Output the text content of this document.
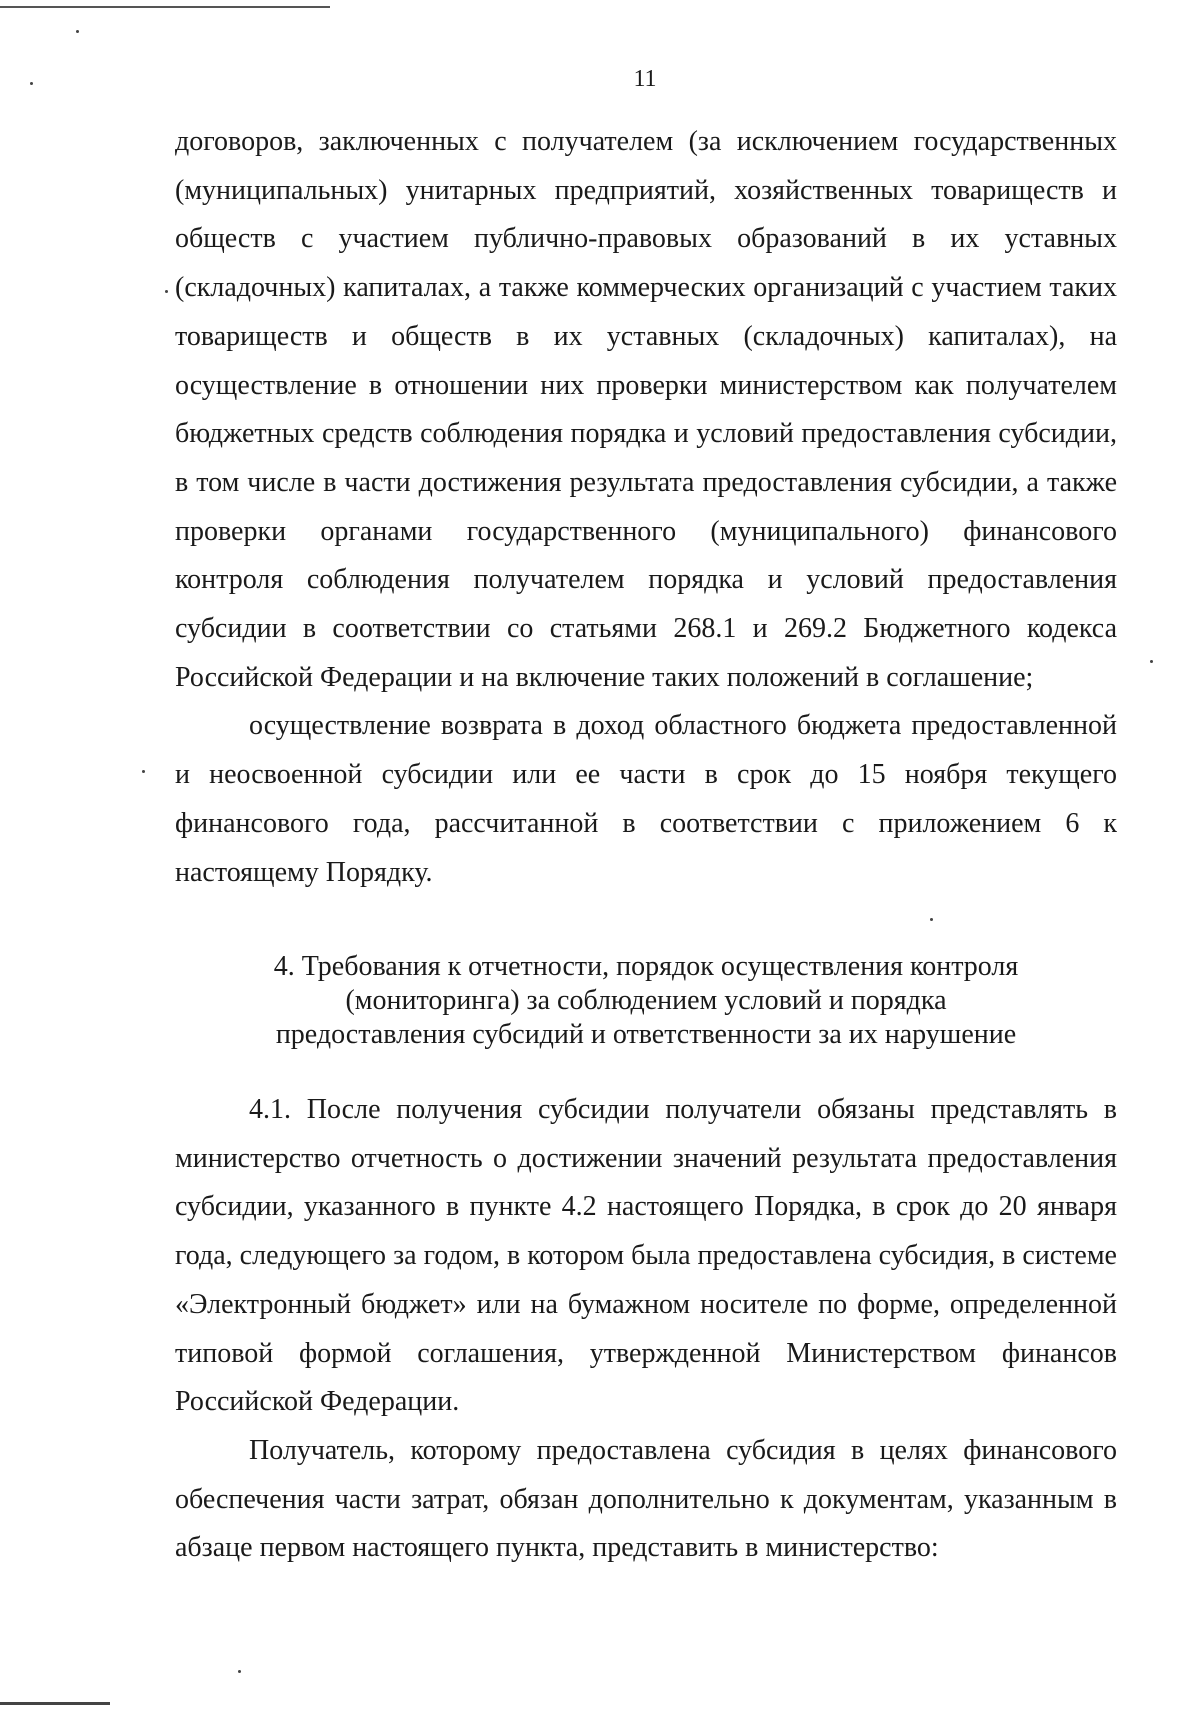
11

договоров, заключенных с получателем (за исключением государственных (муниципальных) унитарных предприятий, хозяйственных товариществ и обществ с участием публично-правовых образований в их уставных (складочных) капиталах, а также коммерческих организаций с участием таких товариществ и обществ в их уставных (складочных) капиталах), на осуществление в отношении них проверки министерством как получателем бюджетных средств соблюдения порядка и условий предоставления субсидии, в том числе в части достижения результата предоставления субсидии, а также проверки органами государственного (муниципального) финансового контроля соблюдения получателем порядка и условий предоставления субсидии в соответствии со статьями 268.1 и 269.2 Бюджетного кодекса Российской Федерации и на включение таких положений в соглашение;

осуществление возврата в доход областного бюджета предоставленной и неосвоенной субсидии или ее части в срок до 15 ноября текущего финансового года, рассчитанной в соответствии с приложением 6 к настоящему Порядку.

4. Требования к отчетности, порядок осуществления контроля
(мониторинга) за соблюдением условий и порядка
предоставления субсидий и ответственности за их нарушение

4.1. После получения субсидии получатели обязаны представлять в министерство отчетность о достижении значений результата предоставления субсидии, указанного в пункте 4.2 настоящего Порядка, в срок до 20 января года, следующего за годом, в котором была предоставлена субсидия, в системе «Электронный бюджет» или на бумажном носителе по форме, определенной типовой формой соглашения, утвержденной Министерством финансов Российской Федерации.

Получатель, которому предоставлена субсидия в целях финансового обеспечения части затрат, обязан дополнительно к документам, указанным в абзаце первом настоящего пункта, представить в министерство:
